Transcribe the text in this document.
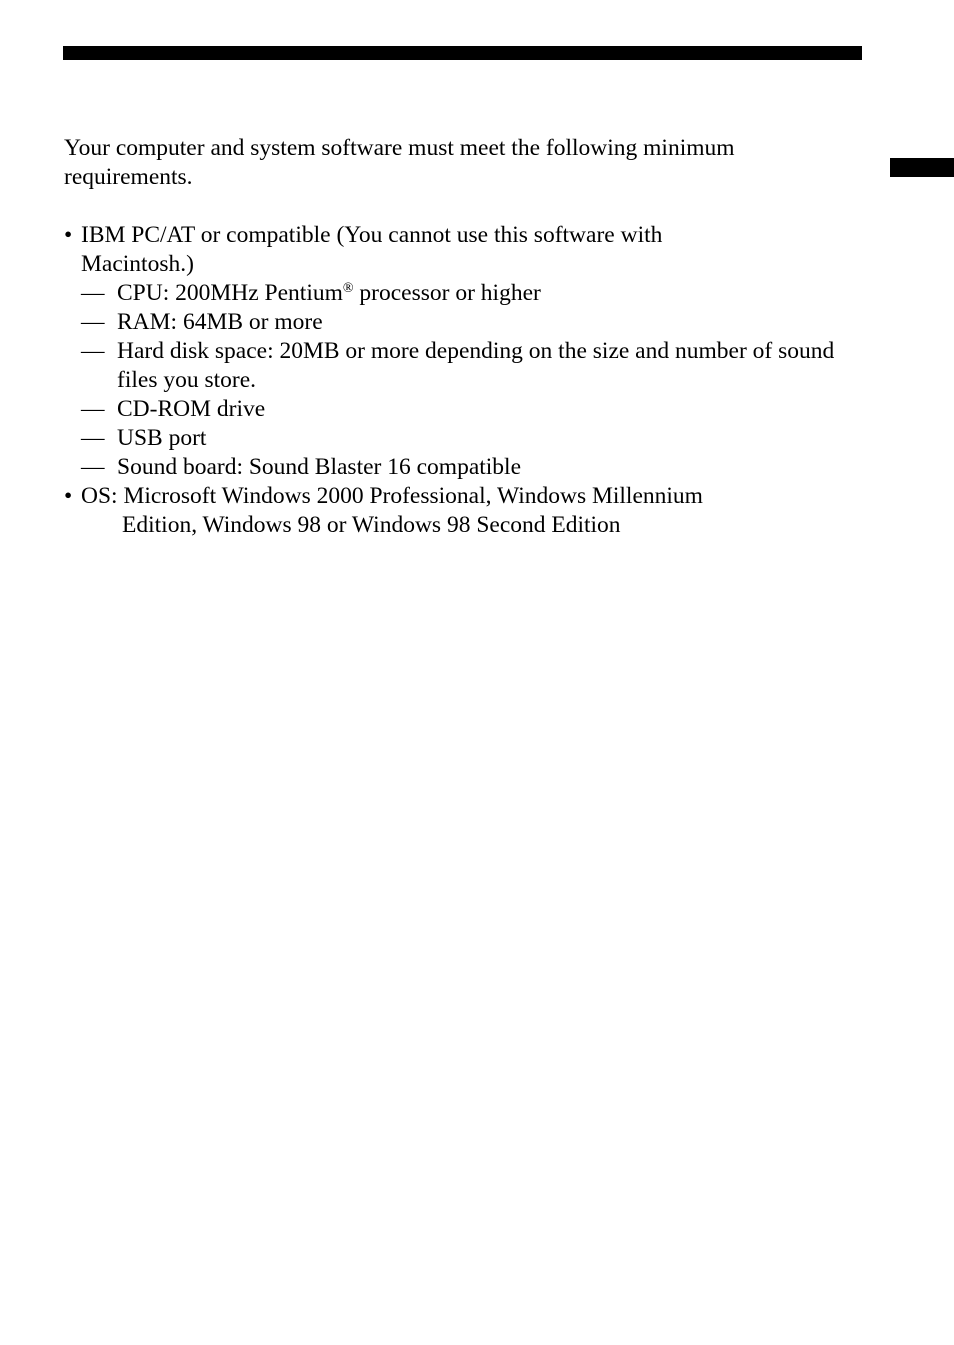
Your computer and system software must meet the following minimum requirements.

• IBM PC/AT or compatible (You cannot use this software with
Macintosh.)
— CPU: 200MHz Pentium® processor or higher
— RAM: 64MB or more
— Hard disk space: 20MB or more depending on the size and number of sound files you store.
— CD-ROM drive
— USB port
— Sound board: Sound Blaster 16 compatible
• OS: Microsoft Windows 2000 Professional, Windows Millennium
Edition, Windows 98 or Windows 98 Second Edition
